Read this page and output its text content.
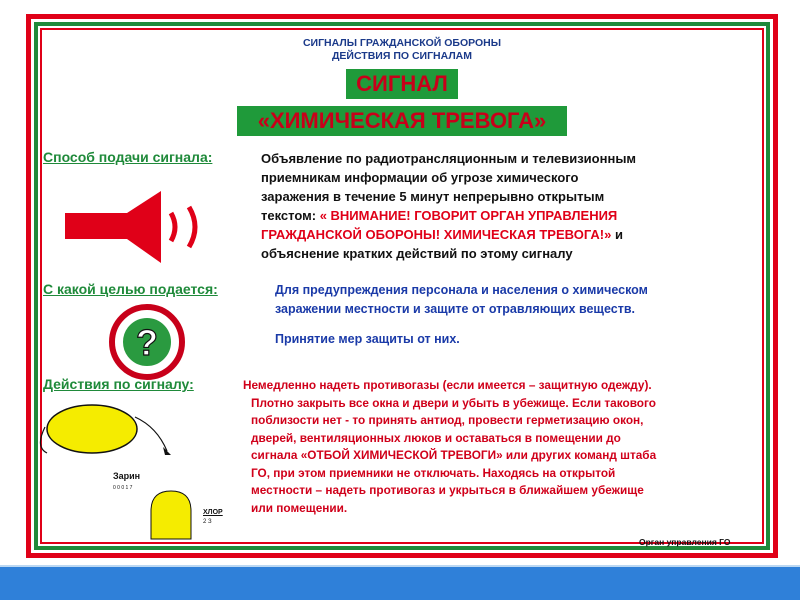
СИГНАЛЫ ГРАЖДАНСКОЙ ОБОРОНЫ
ДЕЙСТВИЯ ПО СИГНАЛАМ
СИГНАЛ
«ХИМИЧЕСКАЯ ТРЕВОГА»
Способ подачи сигнала:	Объявление по радиотрансляционным и телевизионным
приемникам информации об угрозе химического
заражения в течение 5 минут непрерывно открытым
текстом: « ВНИМАНИЕ! ГОВОРИТ ОРГАН УПРАВЛЕНИЯ
ГРАЖДАНСКОЙ ОБОРОНЫ! ХИМИЧЕСКАЯ ТРЕВОГА!» и
объяснение кратких действий по этому сигналу
С какой целью подается:	Для предупреждения персонала и населения о химическом
заражении местности и защите от отравляющих веществ.
Принятие мер защиты от них.
?
Действия по сигналу:	Немедленно надеть противогазы (если имеется – защитную одежду).
Плотно закрыть все окна и двери и убыть в убежище. Если такового
поблизости нет - то принять антиод, провести герметизацию окон,
дверей, вентиляционных люков и оставаться в помещении до
сигнала «ОТБОЙ ХИМИЧЕСКОЙ ТРЕВОГИ» или других команд штаба
ГО, при этом приемники не отключать. Находясь на открытой
местности – надеть противогаз и укрыться в ближайшем убежище
или помещении.
Зарин
0 0 0 1 7
ХЛОР
2 З
Орган управления ГО
